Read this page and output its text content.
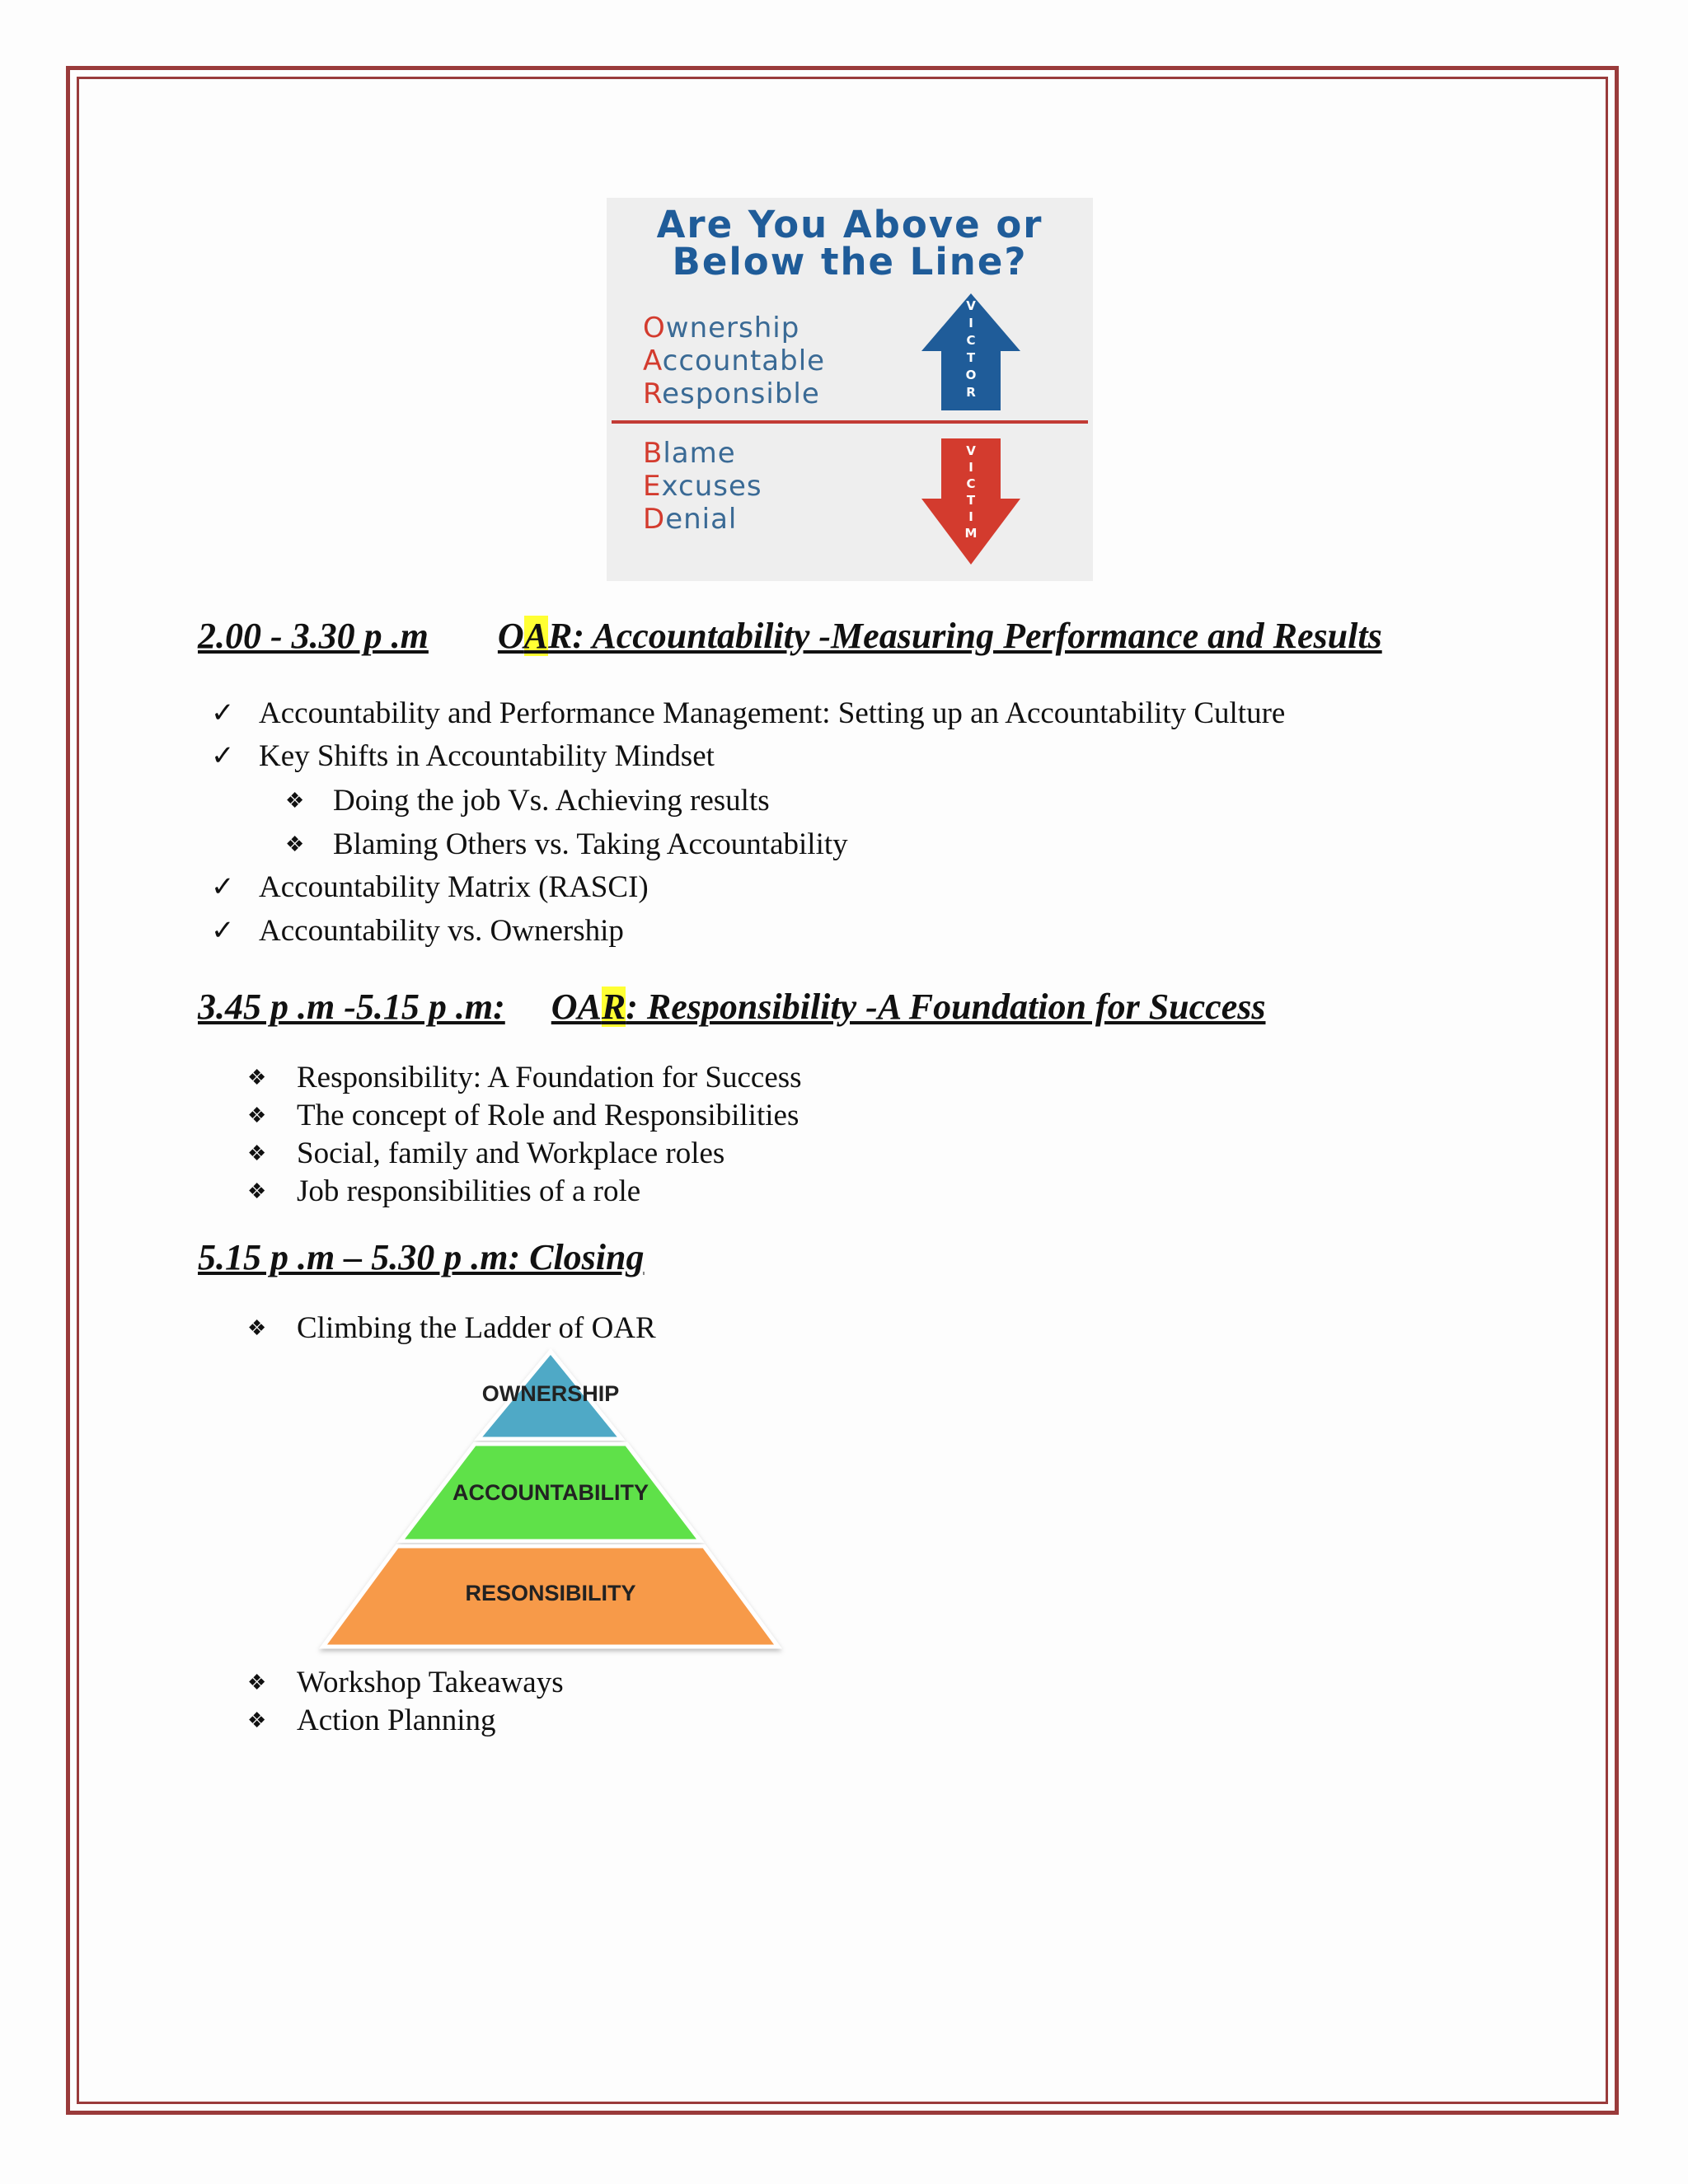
Are You Above or
Below the Line?
Ownership
Accountable
Responsible
Blame
Excuses
Denial
V
I
C
T
O
R
V
I
C
T
I
M
2.00 - 3.30 p .m OAR: Accountability -Measuring Performance and Results
✓ Accountability and Performance Management: Setting up an Accountability Culture
✓ Key Shifts in Accountability Mindset
❖ Doing the job Vs. Achieving results
❖ Blaming Others vs. Taking Accountability
✓ Accountability Matrix (RASCI)
✓ Accountability vs. Ownership
3.45 p .m -5.15 p .m: OAR: Responsibility -A Foundation for Success
❖ Responsibility: A Foundation for Success
❖ The concept of Role and Responsibilities
❖ Social, family and Workplace roles
❖ Job responsibilities of a role
5.15 p .m – 5.30 p .m: Closing
❖ Climbing the Ladder of OAR
OWNERSHIP
ACCOUNTABILITY
RESONSIBILITY
❖ Workshop Takeaways
❖ Action Planning
